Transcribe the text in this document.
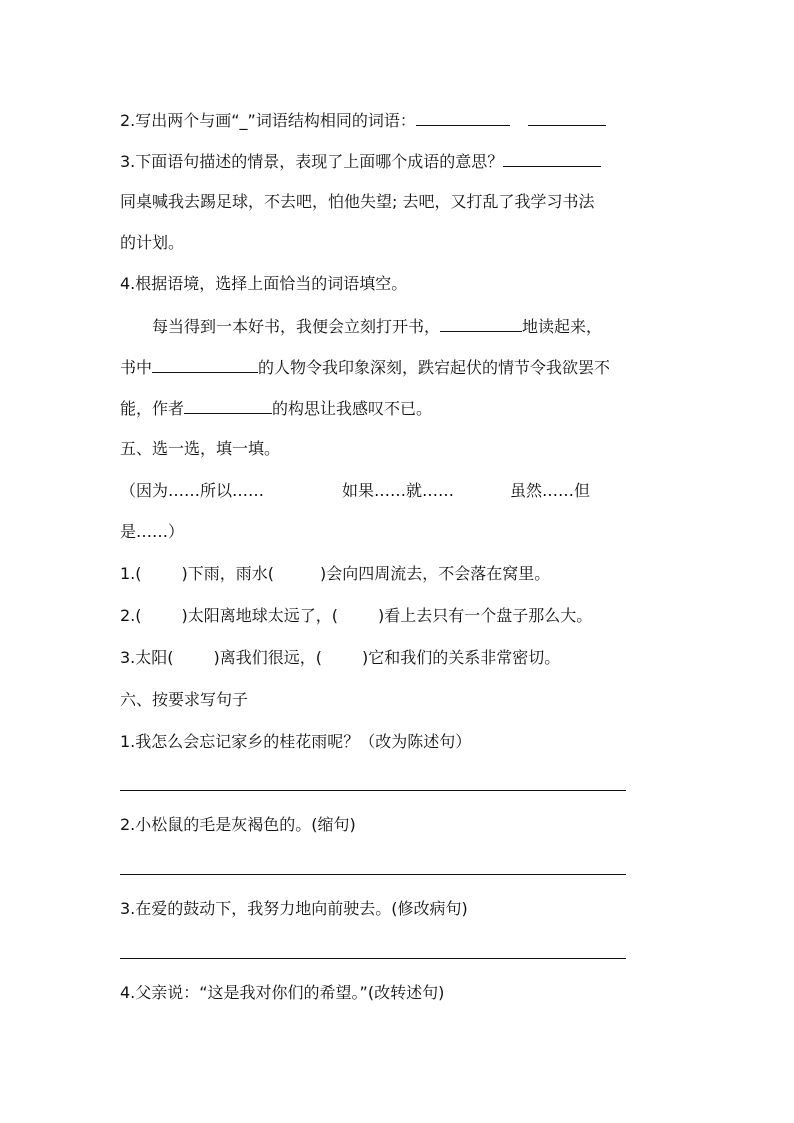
2.写出两个与画“_”词语结构相同的词语：
3.下面语句描述的情景，表现了上面哪个成语的意思？
同桌喊我去踢足球，不去吧，怕他失望; 去吧，又打乱了我学习书法
的计划。
4.根据语境，选择上面恰当的词语填空。
每当得到一本好书，我便会立刻打开书，	地读起来，
书中	的人物令我印象深刻，跌宕起伏的情节令我欲罢不
能，作者	的构思让我感叹不已。
五、选一选，填一填。
（因为……所以……	如果……就……	虽然……但
是……）
1.(	)下雨，雨水(	)会向四周流去，不会落在窝里。
2.(	)太阳离地球太远了，(	)看上去只有一个盘子那么大。
3.太阳(	)离我们很远，(	)它和我们的关系非常密切。
六、按要求写句子
1.我怎么会忘记家乡的桂花雨呢？（改为陈述句）
2.小松鼠的毛是灰褐色的。(缩句)
3.在爱的鼓动下，我努力地向前驶去。(修改病句)
4.父亲说：“这是我对你们的希望。”(改转述句)
